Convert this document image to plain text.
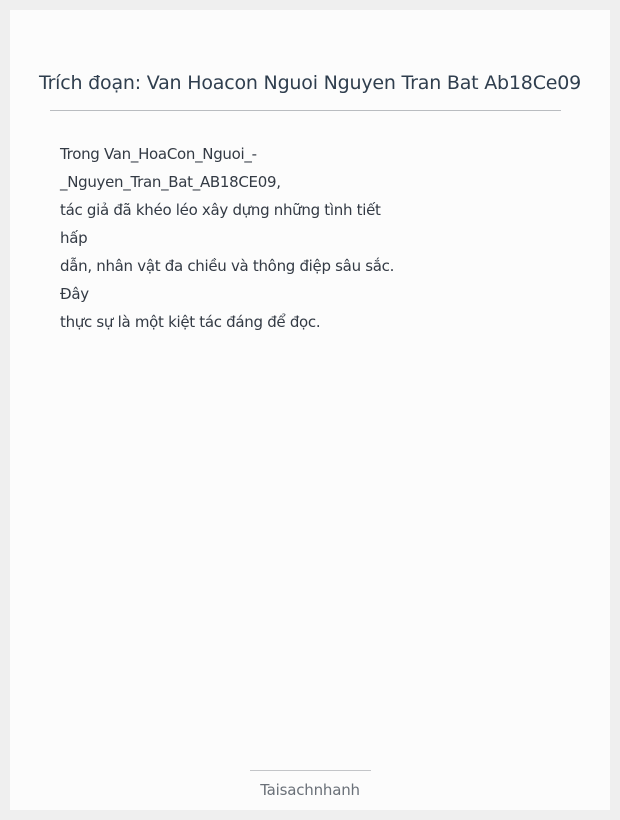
Trích đoạn: Van Hoacon Nguoi Nguyen Tran Bat Ab18Ce09

Trong Van_HoaCon_Nguoi_-
_Nguyen_Tran_Bat_AB18CE09,
tác giả đã khéo léo xây dựng những tình tiết
hấp
dẫn, nhân vật đa chiều và thông điệp sâu sắc.
Đây
thực sự là một kiệt tác đáng để đọc.

Taisachnhanh
